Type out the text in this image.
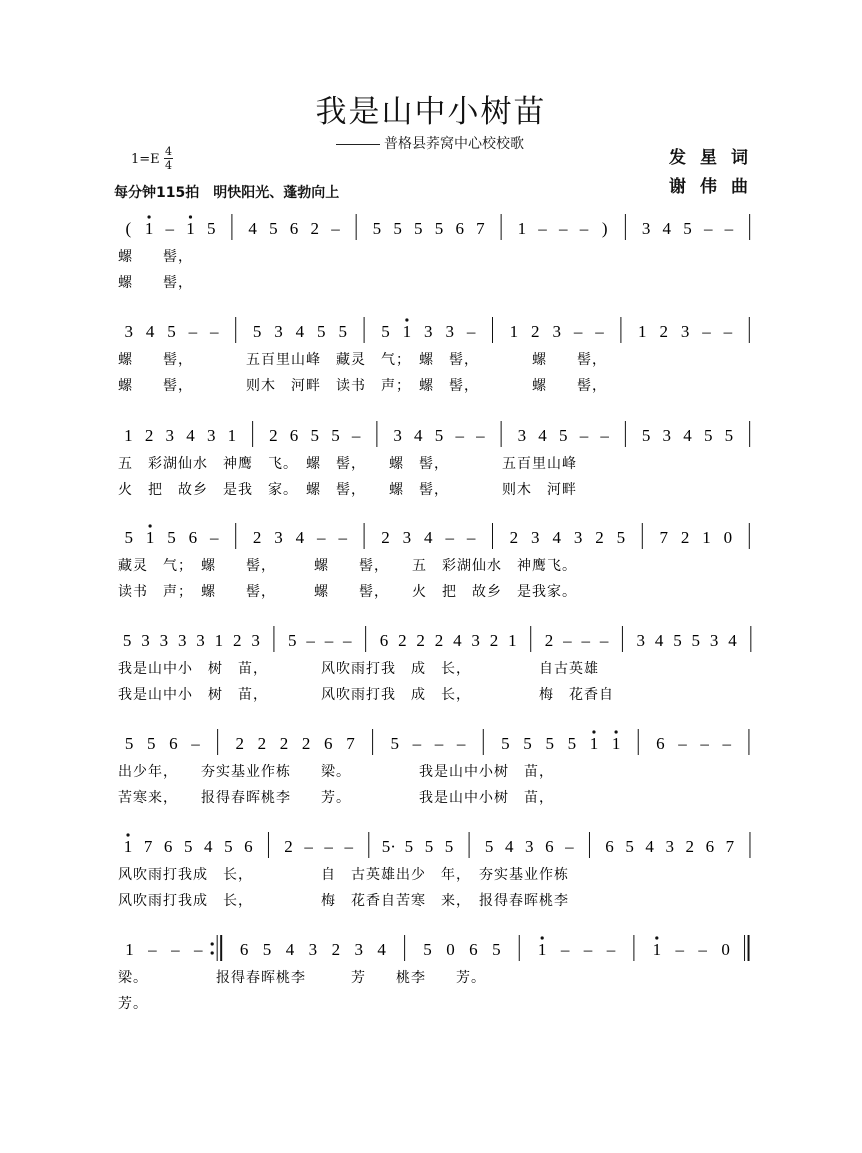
我是山中小树苗
普格县荞窝中心校校歌
发星词
谢伟曲
1=E
4
4
每分钟115拍　明快阳光、蓬勃向上
( 1 – 1 5 4 5 6 2 – 5 5 5 5 6 7 1 – – – ) 3 4 5 – –
螺　　髻，
螺　　髻，
3 4 5 – – 5 3 4 5 5 5 1 3 3 – 1 2 3 – – 1 2 3 – –
螺　　髻，　　　　五百里山峰　藏灵　气；　螺　髻，　　　　螺　　髻，
螺　　髻，　　　　则木　河畔　读书　声；　螺　髻，　　　　螺　　髻，
1 2 3 4 3 1 2 6 5 5 – 3 4 5 – – 3 4 5 – – 5 3 4 5 5
五　彩湖仙水　神鹰　飞。　螺　髻，　　螺　髻，　　　　五百里山峰
火　把　故乡　是我　家。　螺　髻，　　螺　髻，　　　　则木　河畔
5 1 5 6 – 2 3 4 – – 2 3 4 – – 2 3 4 3 2 5 7 2 1 0
藏灵　气；　螺　　髻，　　　螺　　髻，　　五　彩湖仙水　神鹰飞。
读书　声；　螺　　髻，　　　螺　　髻，　　火　把　故乡　是我家。
5 3 3 3 3 1 2 3 5 – – – 6 2 2 2 4 3 2 1 2 – – – 3 4 5 5 3 4
我是山中小　树　苗，　　　　风吹雨打我　成　长，　　　　　自古英雄
我是山中小　树　苗，　　　　风吹雨打我　成　长，　　　　　梅　花香自
5 5 6 – 2 2 2 2 6 7 5 – – – 5 5 5 5 1 1 6 – – –
出少年，　　夯实基业作栋　　梁。　　　　　我是山中小树　苗，
苦寒来，　　报得春晖桃李　　芳。　　　　　我是山中小树　苗，
1 7 6 5 4 5 6 2 – – – 5· 5 5 5 5 4 3 6 – 6 5 4 3 2 6 7
风吹雨打我成　长，　　　　　自　古英雄出少　年，　夯实基业作栋
风吹雨打我成　长，　　　　　梅　花香自苦寒　来，　报得春晖桃李
1 – – – 6 5 4 3 2 3 4 5 0 6 5 1 – – – 1 – – 0
梁。　　　　　报得春晖桃李　　　芳　　桃李　　芳。
芳。
